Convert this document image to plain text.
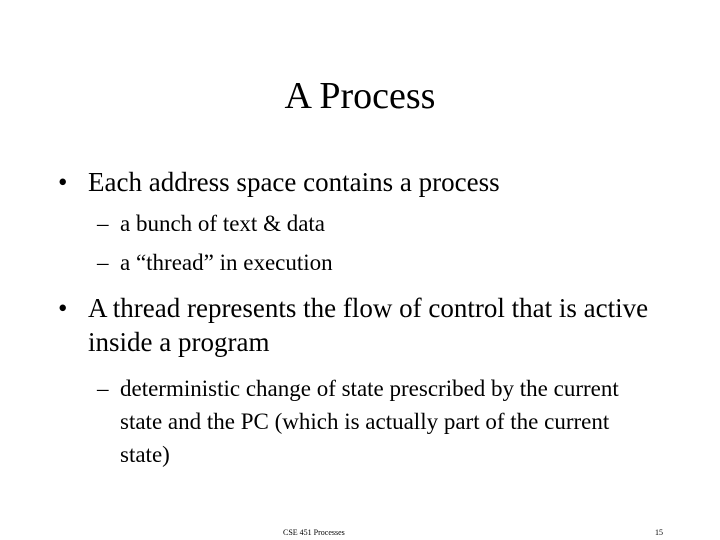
A Process
• Each address space contains a process
– a bunch of text & data
– a “thread” in execution
• A thread represents the flow of control that is active inside a program
– deterministic change of state prescribed by the current state and the PC (which is actually part of the current state)
CSE 451 Processes	15
